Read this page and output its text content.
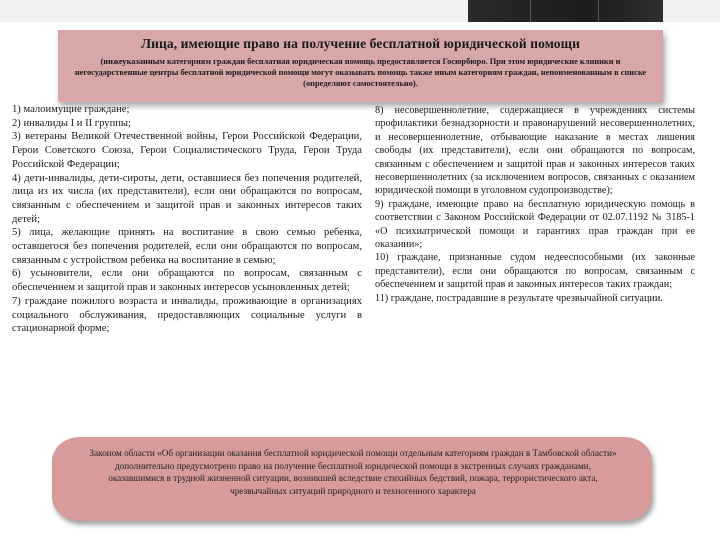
Лица, имеющие право на получение бесплатной юридической помощи
(нижеуказанным категориям граждан бесплатная юридическая помощь предоставляется Госюрбюро. При этом юридические клиники и негосударственные центры бесплатной юридической помощи могут оказывать помощь также иным категориям граждан, непоименованным в списке (определяют самостоятельно).

1) малоимущие граждане;

2) инвалиды I и II группы;

3) ветераны Великой Отечественной войны, Герои Российской Федерации, Герои Советского Союза, Герои Социалистического Труда, Герои Труда Российской Федерации;

4) дети-инвалиды, дети-сироты, дети, оставшиеся без попечения родителей, лица из их числа (их представители), если они обращаются по вопросам, связанным с обеспечением и защитой прав и законных интересов таких детей;

5) лица, желающие принять на воспитание в свою семью ребенка, оставшегося без попечения родителей, если они обращаются по вопросам, связанным с устройством ребенка на воспитание в семью;

6) усыновители, если они обращаются по вопросам, связанным с обеспечением и защитой прав и законных интересов усыновленных детей;

7) граждане пожилого возраста и инвалиды, проживающие в организациях социального обслуживания, предоставляющих социальные услуги в стационарной форме;

8) несовершеннолетние, содержащиеся в учреждениях системы профилактики безнадзорности и правонарушений несовершеннолетних, и несовершеннолетние, отбывающие наказание в местах лишения свободы (их представители), если они обращаются по вопросам, связанным с обеспечением и защитой прав и законных интересов таких несовершеннолетних (за исключением вопросов, связанных с оказанием юридической помощи в уголовном судопроизводстве);

9) граждане, имеющие право на бесплатную юридическую помощь в соответствии с Законом Российской Федерации от 02.07.1192 № 3185-1 «О психиатрической помощи и гарантиях прав граждан при ее оказании»;

10) граждане, признанные судом недееспособными (их законные представители), если они обращаются по вопросам, связанным с обеспечением и защитой прав и законных интересов таких граждан;

11) граждане, пострадавшие в результате чрезвычайной ситуации.

Законом области «Об организации оказания бесплатной юридической помощи отдельным категориям граждан в Тамбовской области» дополнительно предусмотрено право на получение бесплатной юридической помощи в экстренных случаях гражданами, оказавшимися в трудной жизненной ситуации, возникшей вследствие стихийных бедствий, пожара, террористического акта, чрезвычайных ситуаций природного и техногенного характера
